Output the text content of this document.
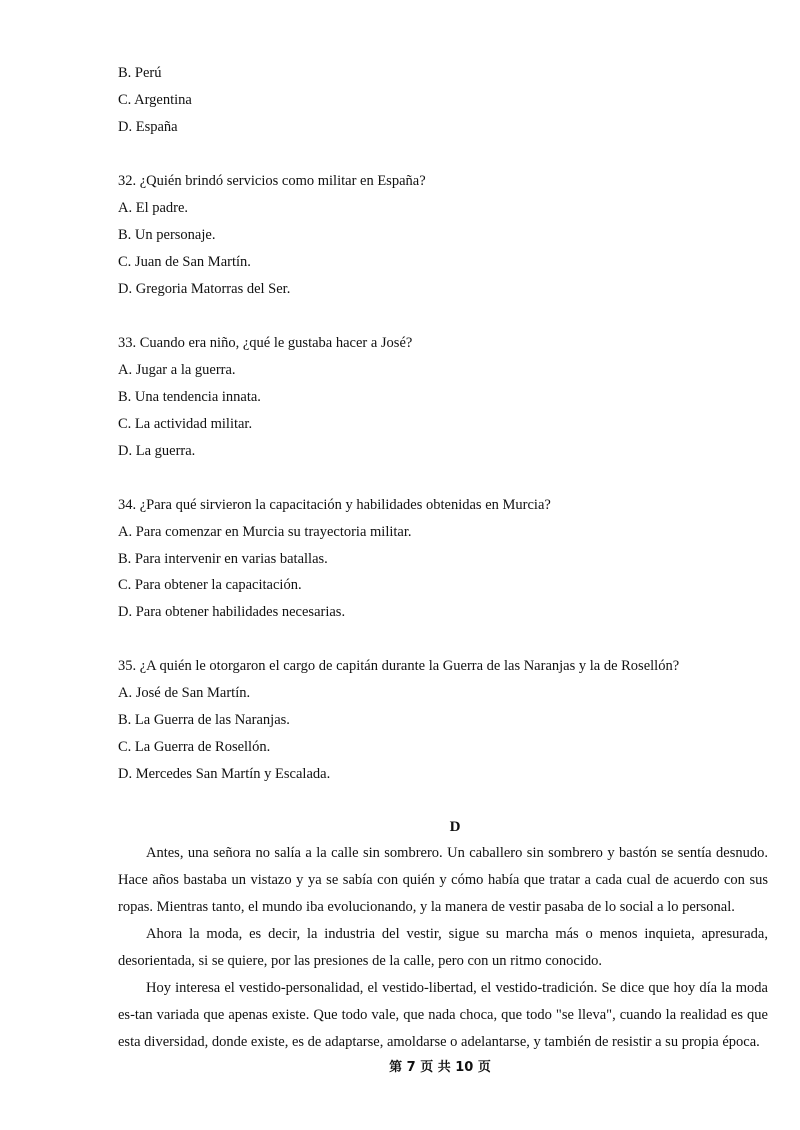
B. Perú
C. Argentina
D. España
32. ¿Quién brindó servicios como militar en España?
A. El padre.
B. Un personaje.
C. Juan de San Martín.
D. Gregoria Matorras del Ser.
33. Cuando era niño, ¿qué le gustaba hacer a José?
A. Jugar a la guerra.
B. Una tendencia innata.
C. La actividad militar.
D. La guerra.
34. ¿Para qué sirvieron la capacitación y habilidades obtenidas en Murcia?
A. Para comenzar en Murcia su trayectoria militar.
B. Para intervenir en varias batallas.
C. Para obtener la capacitación.
D. Para obtener habilidades necesarias.
35. ¿A quién le otorgaron el cargo de capitán durante la Guerra de las Naranjas y la de Rosellón?
A. José de San Martín.
B. La Guerra de las Naranjas.
C. La Guerra de Rosellón.
D. Mercedes San Martín y Escalada.
D
Antes, una señora no salía a la calle sin sombrero. Un caballero sin sombrero y bastón se sentía desnudo. Hace años bastaba un vistazo y ya se sabía con quién y cómo había que tratar a cada cual de acuerdo con sus ropas. Mientras tanto, el mundo iba evolucionando, y la manera de vestir pasaba de lo social a lo personal.
Ahora la moda, es decir, la industria del vestir, sigue su marcha más o menos inquieta, apresurada, desorientada, si se quiere, por las presiones de la calle, pero con un ritmo conocido.
Hoy interesa el vestido-personalidad, el vestido-libertad, el vestido-tradición. Se dice que hoy día la moda es-tan variada que apenas existe. Que todo vale, que nada choca, que todo "se lleva", cuando la realidad es que esta diversidad, donde existe, es de adaptarse, amoldarse o adelantarse, y también de resistir a su propia época.
第 7 页 共 10 页
